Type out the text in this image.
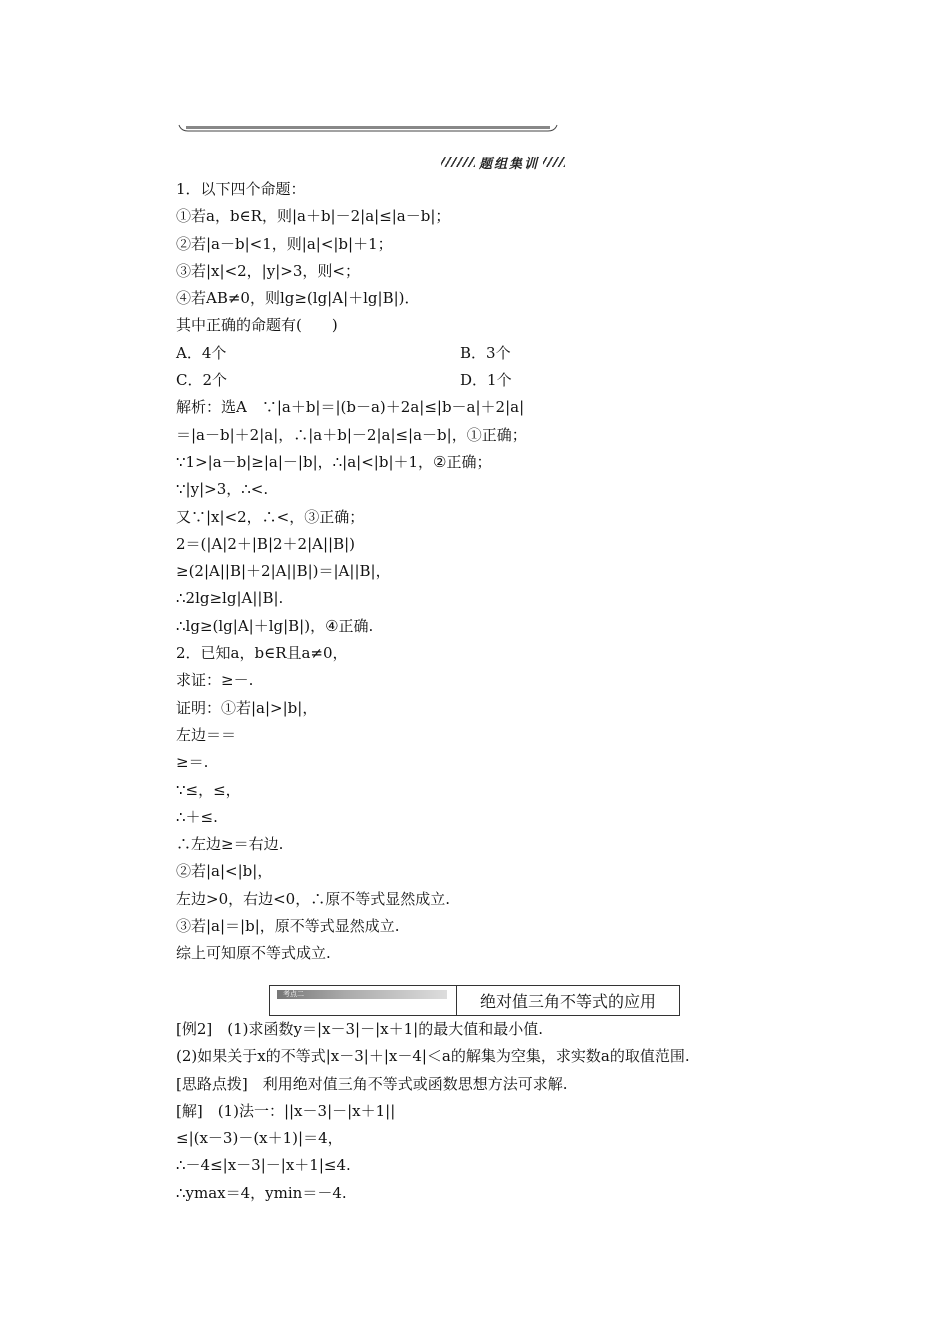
题组集训
1．以下四个命题：
①若a，b∈R，则|a＋b|－2|a|≤|a－b|；
②若|a－b|<1，则|a|<|b|＋1；
③若|x|<2，|y|>3，则<；
④若AB≠0，则lg≥(lg|A|＋lg|B|)．
其中正确的命题有(　　)
A．4个	B．3个
C．2个	D．1个
解析：选A　∵|a＋b|＝|(b－a)＋2a|≤|b－a|＋2|a|
＝|a－b|＋2|a|，∴|a＋b|－2|a|≤|a－b|，①正确；
∵1>|a－b|≥|a|－|b|，∴|a|<|b|＋1，②正确；
∵|y|>3，∴<.
又∵|x|<2，∴<，③正确；
2＝(|A|2＋|B|2＋2|A||B|)
≥(2|A||B|＋2|A||B|)＝|A||B|，
∴2lg≥lg|A||B|.
∴lg≥(lg|A|＋lg|B|)，④正确.
2．已知a，b∈R且a≠0，
求证：≥－.
证明：①若|a|>|b|，
左边＝＝
≥＝.
∵≤，≤，
∴＋≤.
∴左边≥＝右边.
②若|a|<|b|，
左边>0，右边<0，∴原不等式显然成立.
③若|a|＝|b|，原不等式显然成立.
综上可知原不等式成立.
考点二	绝对值三角不等式的应用
[例2]　(1)求函数y＝|x－3|－|x＋1|的最大值和最小值.
(2)如果关于x的不等式|x－3|＋|x－4|＜a的解集为空集，求实数a的取值范围.
[思路点拨]　利用绝对值三角不等式或函数思想方法可求解.
[解]　(1)法一：||x－3|－|x＋1||
≤|(x－3)－(x＋1)|＝4，
∴－4≤|x－3|－|x＋1|≤4.
∴ymax＝4，ymin＝－4.
